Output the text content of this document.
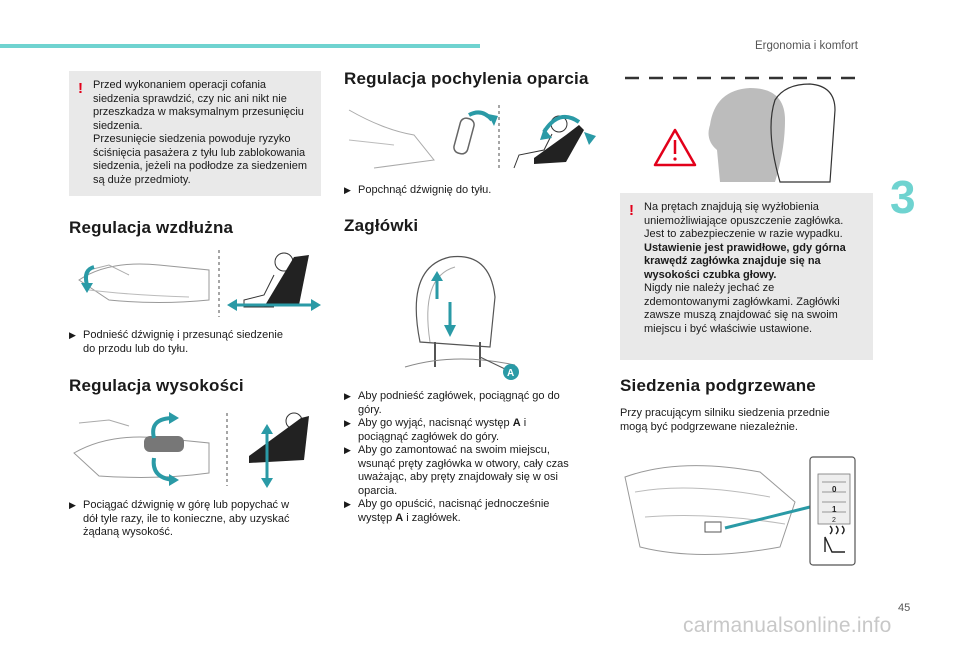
Ergonomia i komfort
3
45
carmanualsonline.info
! Przed wykonaniem operacji cofania

siedzenia sprawdzić, czy nic ani nikt nie

przeszkadza w maksymalnym przesunięciu

siedzenia.

Przesunięcie siedzenia powoduje ryzyko

ściśnięcia pasażera z tyłu lub zablokowania

siedzenia, jeżeli na podłodze za siedzeniem

są duże przedmioty.

Regulacja wzdłużna
▶ Podnieść dźwignię i przesunąć siedzenie
do przodu lub do tyłu.
Regulacja wysokości
▶ Pociągać dźwignię w górę lub popychać w
dół tyle razy, ile to konieczne, aby uzyskać
żądaną wysokość.
Regulacja pochylenia oparcia
▶ Popchnąć dźwignię do tyłu.
Zagłówki
A
▶ Aby podnieść zagłówek, pociągnąć go do
góry.
▶ Aby go wyjąć, nacisnąć występ A i
pociągnąć zagłówek do góry.
▶ Aby go zamontować na swoim miejscu,
wsunąć pręty zagłówka w otwory, cały czas
uważając, aby pręty znajdowały się w osi
oparcia.
▶ Aby go opuścić, nacisnąć jednocześnie
występ A i zagłówek.
! Na prętach znajdują się wyżłobienia

uniemożliwiające opuszczenie zagłówka.

Jest to zabezpieczenie w razie wypadku.

Ustawienie jest prawidłowe, gdy górna

krawędź zagłówka znajduje się na

wysokości czubka głowy.

Nigdy nie należy jechać ze

zdemontowanymi zagłówkami. Zagłówki

zawsze muszą znajdować się na swoim

miejscu i być właściwie ustawione.

Siedzenia podgrzewane
Przy pracującym silniku siedzenia przednie
mogą być podgrzewane niezależnie.
0
1
2
